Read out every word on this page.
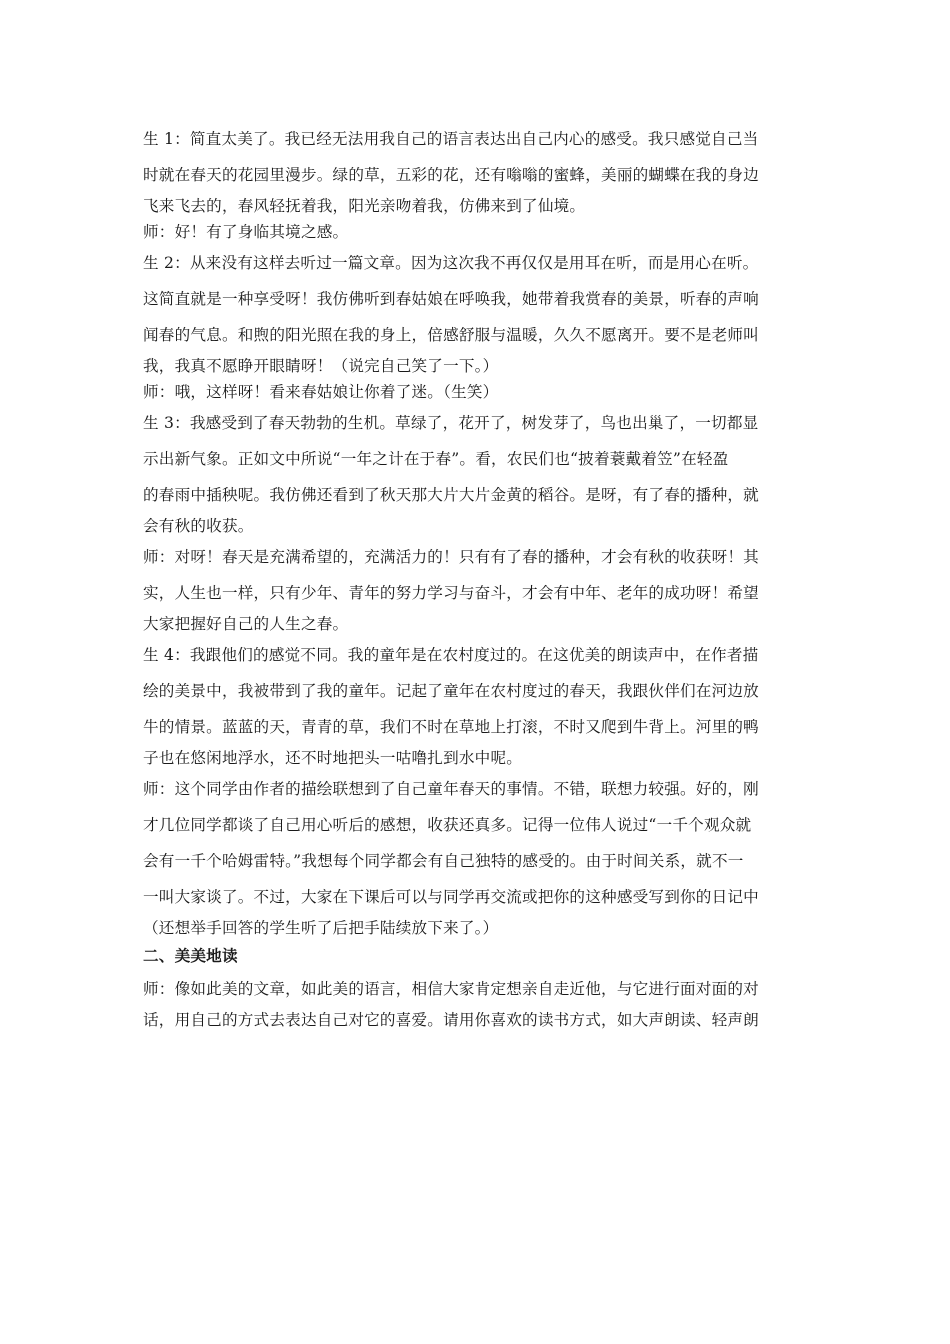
生 1：简直太美了。我已经无法用我自己的语言表达出自己内心的感受。我只感觉自己当
时就在春天的花园里漫步。绿的草，五彩的花，还有嗡嗡的蜜蜂，美丽的蝴蝶在我的身边
飞来飞去的，春风轻抚着我，阳光亲吻着我，仿佛来到了仙境。
师：好！有了身临其境之感。
生 2：从来没有这样去听过一篇文章。因为这次我不再仅仅是用耳在听，而是用心在听。
这简直就是一种享受呀！我仿佛听到春姑娘在呼唤我，她带着我赏春的美景，听春的声响
闻春的气息。和煦的阳光照在我的身上，倍感舒服与温暖，久久不愿离开。要不是老师叫
我，我真不愿睁开眼睛呀！（说完自己笑了一下。）
师：哦，这样呀！看来春姑娘让你着了迷。（生笑）
生 3：我感受到了春天勃勃的生机。草绿了，花开了，树发芽了，鸟也出巢了，一切都显
示出新气象。正如文中所说“一年之计在于春”。看，农民们也“披着蓑戴着笠”在轻盈
的春雨中插秧呢。我仿佛还看到了秋天那大片大片金黄的稻谷。是呀，有了春的播种，就
会有秋的收获。
师：对呀！春天是充满希望的，充满活力的！只有有了春的播种，才会有秋的收获呀！其
实，人生也一样，只有少年、青年的努力学习与奋斗，才会有中年、老年的成功呀！希望
大家把握好自己的人生之春。
生 4：我跟他们的感觉不同。我的童年是在农村度过的。在这优美的朗读声中，在作者描
绘的美景中，我被带到了我的童年。记起了童年在农村度过的春天，我跟伙伴们在河边放
牛的情景。蓝蓝的天，青青的草，我们不时在草地上打滚，不时又爬到牛背上。河里的鸭
子也在悠闲地浮水，还不时地把头一咕噜扎到水中呢。
师：这个同学由作者的描绘联想到了自己童年春天的事情。不错，联想力较强。好的，刚
才几位同学都谈了自己用心听后的感想，收获还真多。记得一位伟人说过“一千个观众就
会有一千个哈姆雷特。”我想每个同学都会有自己独特的感受的。由于时间关系，就不一
一叫大家谈了。不过，大家在下课后可以与同学再交流或把你的这种感受写到你的日记中
（还想举手回答的学生听了后把手陆续放下来了。）
二、美美地读
师：像如此美的文章，如此美的语言，相信大家肯定想亲自走近他，与它进行面对面的对
话，用自己的方式去表达自己对它的喜爱。请用你喜欢的读书方式，如大声朗读、轻声朗
